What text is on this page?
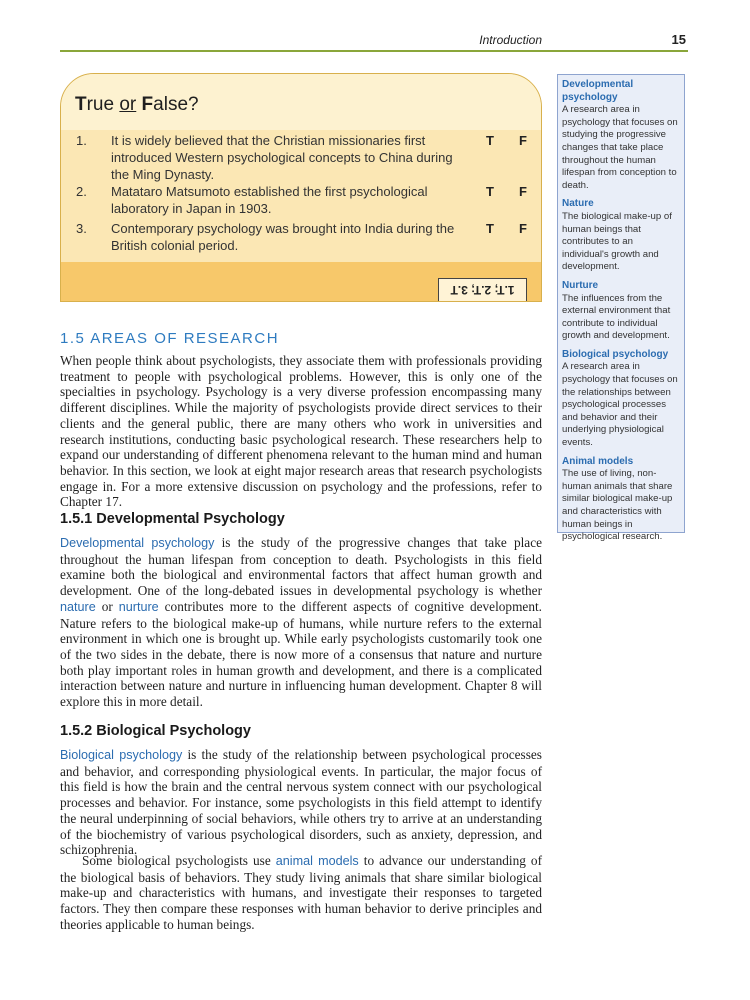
Introduction	15
True or False?
1. It is widely believed that the Christian missionaries first introduced Western psychological concepts to China during the Ming Dynasty.
T F
2. Matataro Matsumoto established the first psychological laboratory in Japan in 1903.
T F
3. Contemporary psychology was brought into India during the British colonial period.
T F
1.T; 2.T; 3.T
Developmental psychology
A research area in psychology that focuses on studying the progressive changes that take place throughout the human lifespan from conception to death.
Nature
The biological make-up of human beings that contributes to an individual's growth and development.
Nurture
The influences from the external environment that contribute to individual growth and development.
Biological psychology
A research area in psychology that focuses on the relationships between psychological processes and behavior and their underlying physiological events.
Animal models
The use of living, non-human animals that share similar biological make-up and characteristics with human beings in psychological research.
1.5 AREAS OF RESEARCH

When people think about psychologists, they associate them with professionals providing treatment to people with psychological problems. However, this is only one of the specialties in psychology. Psychology is a very diverse profession encompassing many different disciplines. While the majority of psychologists provide direct services to their clients and the general public, there are many others who work in universities and research institutions, conducting basic psychological research. These researchers help to expand our understanding of different phenomena relevant to the human mind and human behavior. In this section, we look at eight major research areas that research psychologists engage in. For a more extensive discussion on psychology and the professions, refer to Chapter 17.

1.5.1 Developmental Psychology

Developmental psychology is the study of the progressive changes that take place throughout the human lifespan from conception to death. Psychologists in this field examine both the biological and environmental factors that affect human growth and development. One of the long-debated issues in developmental psychology is whether nature or nurture contributes more to the different aspects of cognitive development. Nature refers to the biological make-up of humans, while nurture refers to the external environment in which one is brought up. While early psychologists customarily took one of the two sides in the debate, there is now more of a consensus that nature and nurture both play important roles in human growth and development, and there is a complicated interaction between nature and nurture in influencing human development. Chapter 8 will explore this in more detail.

1.5.2 Biological Psychology

Biological psychology is the study of the relationship between psychological processes and behavior, and corresponding physiological events. In particular, the major focus of this field is how the brain and the central nervous system connect with our psychological processes and behavior. For instance, some psychologists in this field attempt to identify the neural underpinning of social behaviors, while others try to arrive at an understanding of the biochemistry of various psychological disorders, such as anxiety, depression, and schizophrenia.

Some biological psychologists use animal models to advance our understanding of the biological basis of behaviors. They study living animals that share similar biological make-up and characteristics with humans, and investigate their responses to targeted factors. They then compare these responses with human behavior to derive principles and theories applicable to human beings.
